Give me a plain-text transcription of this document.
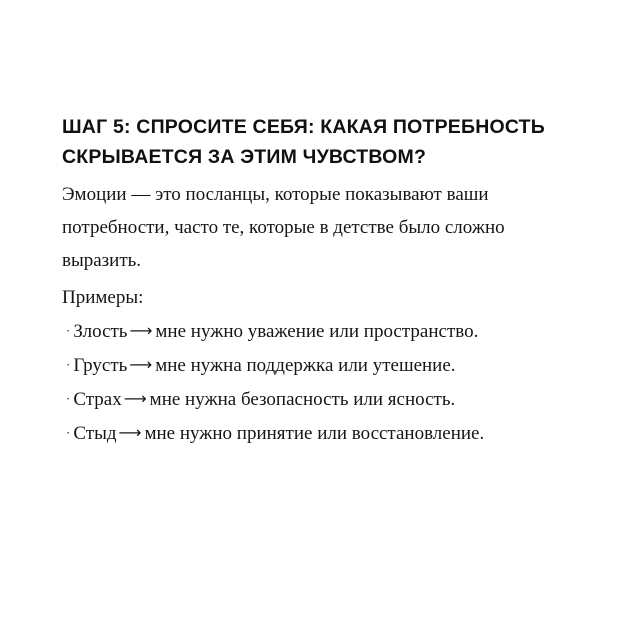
ШАГ 5: СПРОСИТЕ СЕБЯ: КАКАЯ ПОТРЕБНОСТЬ СКРЫВАЕТСЯ ЗА ЭТИМ ЧУВСТВОМ?

Эмоции — это посланцы, которые показывают ваши потребности, часто те, которые в детстве было сложно выразить.

Примеры:

· Злость ⟶ мне нужно уважение или пространство.
· Грусть ⟶ мне нужна поддержка или утешение.
· Страх ⟶ мне нужна безопасность или ясность.
· Стыд ⟶ мне нужно принятие или восстановление.
